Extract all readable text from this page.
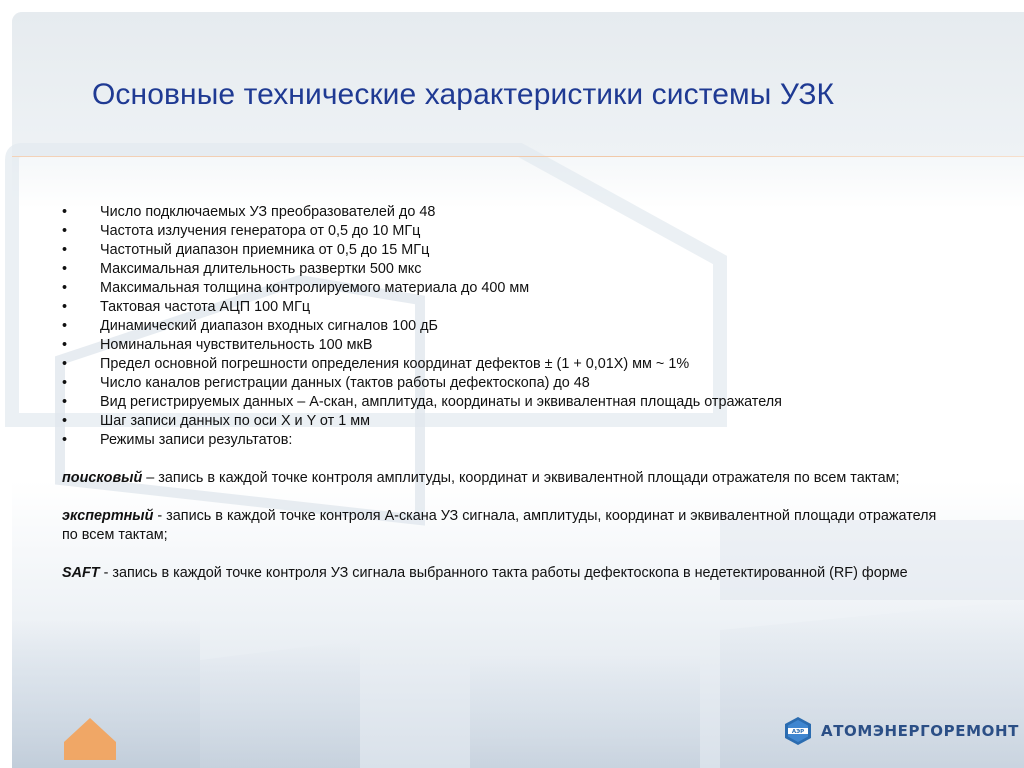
Основные технические характеристики системы УЗК
•	Число подключаемых УЗ преобразователей до 48
•	Частота излучения генератора от 0,5 до 10 МГц
•	Частотный диапазон приемника от 0,5 до 15 МГц
•	Максимальная длительность развертки 500 мкс
•	Максимальная толщина контролируемого материала до 400 мм
•	Тактовая частота АЦП 100 МГц
•	Динамический диапазон входных сигналов 100 дБ
•	Номинальная чувствительность 100 мкВ
•	Предел основной погрешности определения координат дефектов ± (1 + 0,01X) мм ~ 1%
•	Число каналов регистрации данных (тактов работы дефектоскопа) до 48
•	Вид регистрируемых данных – А-скан, амплитуда, координаты и эквивалентная площадь отражателя
•	Шаг записи данных по оси X и Y от 1 мм
•	Режимы записи результатов:
поисковый – запись в каждой точке контроля амплитуды, координат и эквивалентной площади отражателя по всем тактам;
экспертный - запись в каждой точке контроля А-скана УЗ сигнала, амплитуды, координат и эквивалентной площади отражателя по всем тактам;
SAFT - запись в каждой точке контроля УЗ сигнала выбранного такта работы дефектоскопа в недетектированной (RF) форме
АЭР АТОМЭНЕРГОРЕМОНТ
